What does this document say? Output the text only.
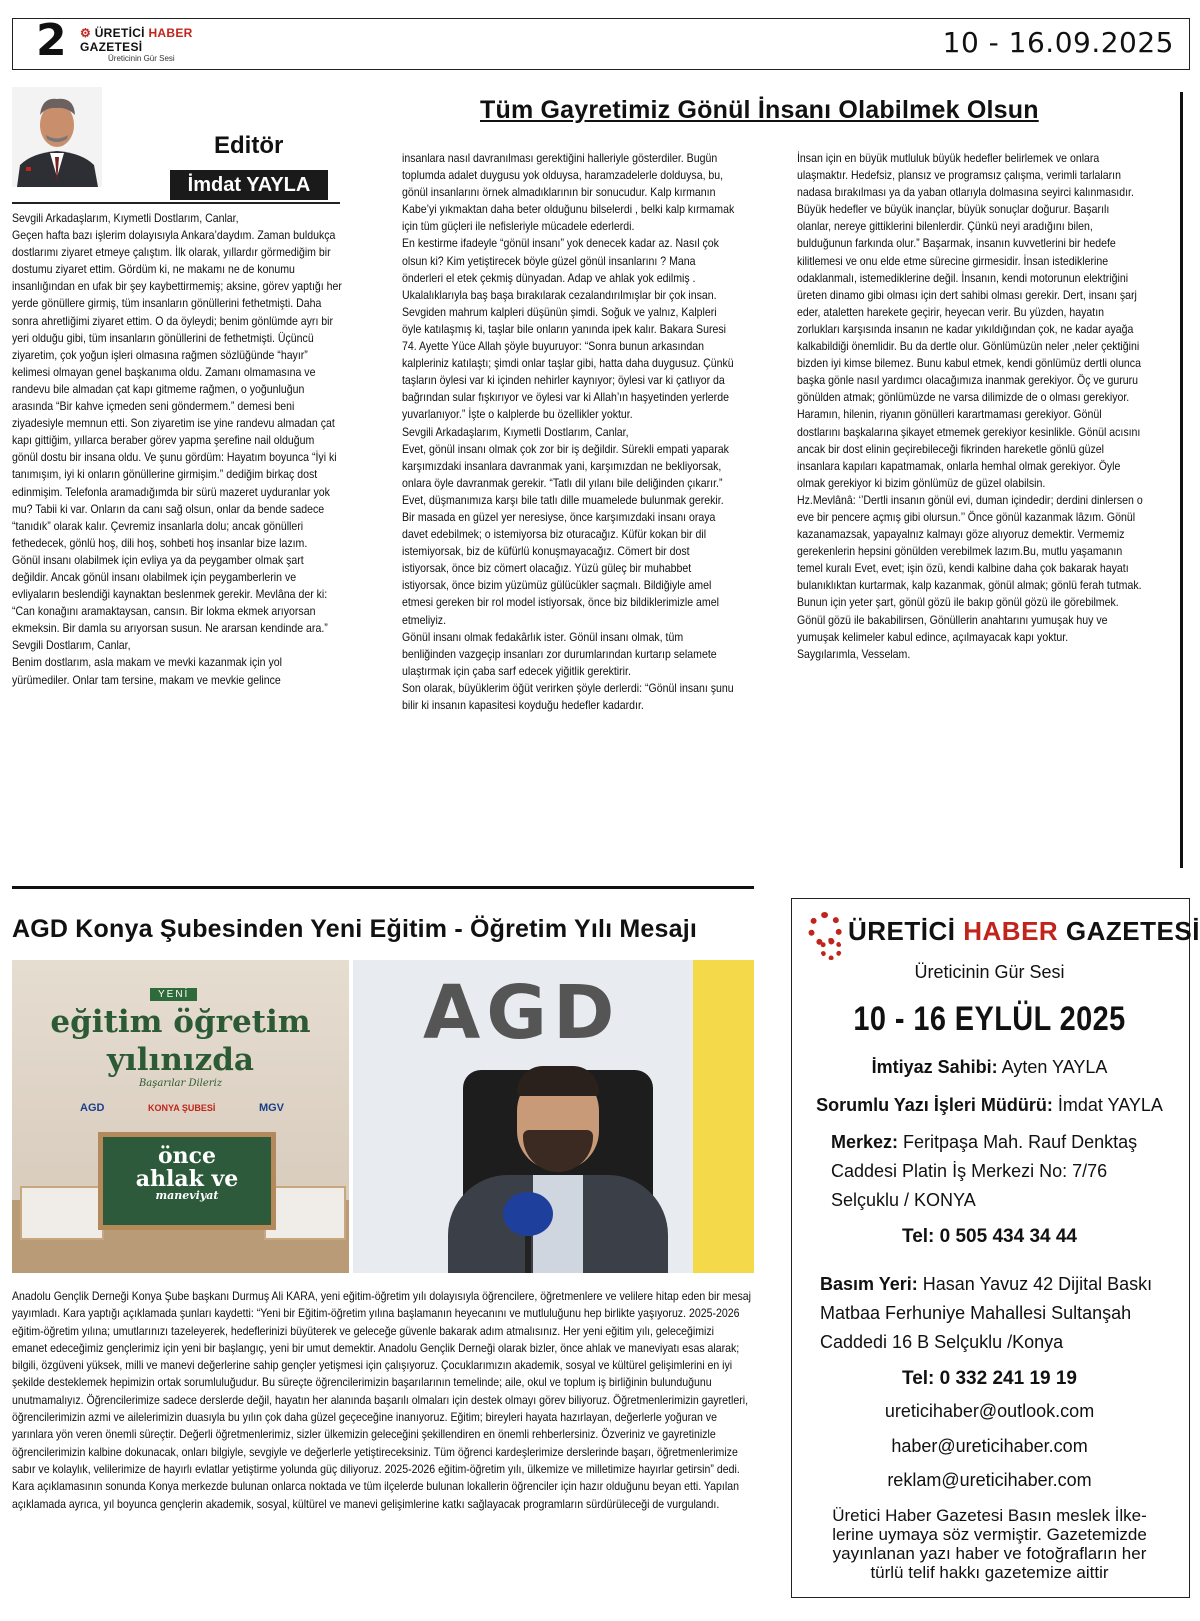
2 ⚙ ÜRETİCİ HABER GAZETESİ
Üreticinin Gür Sesi	10 - 16.09.2025
Editör
İmdat YAYLA
Tüm Gayretimiz Gönül İnsanı Olabilmek Olsun

Sevgili Arkadaşlarım, Kıymetli Dostlarım, Canlar,

Geçen hafta bazı işlerim dolayısıyla Ankara’daydım. Zaman buldukça dostlarımı ziyaret etmeye çalıştım. İlk olarak, yıllardır görmediğim bir dostumu ziyaret ettim. Gördüm ki, ne makamı ne de konumu insanlığından en ufak bir şey kaybettirmemiş; aksine, görev yaptığı her yerde gönüllere girmiş, tüm insanların gönüllerini fethetmişti. Daha sonra ahretliğimi ziyaret ettim. O da öyleydi; benim gönlümde ayrı bir yeri olduğu gibi, tüm insanların gönüllerini de fethetmişti. Üçüncü ziyaretim, çok yoğun işleri olmasına rağmen sözlüğünde “hayır” kelimesi olmayan genel başkanıma oldu. Zamanı olmamasına ve randevu bile almadan çat kapı gitmeme rağmen, o yoğunluğun arasında “Bir kahve içmeden seni göndermem.” demesi beni ziyadesiyle memnun etti. Son ziyaretim ise yine randevu almadan çat kapı gittiğim, yıllarca beraber görev yapma şerefine nail olduğum gönül dostu bir insana oldu. Ve şunu gördüm: Hayatım boyunca “İyi ki tanımışım, iyi ki onların gönüllerine girmişim.” dediğim birkaç dost edinmişim. Telefonla aramadığımda bir sürü mazeret uyduranlar yok mu? Tabii ki var. Onların da canı sağ olsun, onlar da bende sadece “tanıdık” olarak kalır. Çevremiz insanlarla dolu; ancak gönülleri fethedecek, gönlü hoş, dili hoş, sohbeti hoş insanlar bize lazım.

Gönül insanı olabilmek için evliya ya da peygamber olmak şart değildir. Ancak gönül insanı olabilmek için peygamberlerin ve evliyaların beslendiği kaynaktan beslenmek gerekir. Mevlâna der ki: “Can konağını aramaktaysan, cansın. Bir lokma ekmek arıyorsan ekmeksin. Bir damla su arıyorsan susun. Ne ararsan kendinde ara.”

Sevgili Dostlarım, Canlar,

Benim dostlarım, asla makam ve mevki kazanmak için yol yürümediler. Onlar tam tersine, makam ve mevkie gelince

insanlara nasıl davranılması gerektiğini halleriyle gösterdiler. Bugün toplumda adalet duygusu yok olduysa, haramzadelerle dolduysa, bu, gönül insanlarını örnek almadıklarının bir sonucudur. Kalp kırmanın Kabe’yi yıkmaktan daha beter olduğunu bilselerdi , belki kalp kırmamak için tüm güçleri ile nefisleriyle mücadele ederlerdi.

En kestirme ifadeyle “gönül insanı” yok denecek kadar az. Nasıl çok olsun ki? Kim yetiştirecek böyle güzel gönül insanlarını ? Mana önderleri el etek çekmiş dünyadan. Adap ve ahlak yok edilmiş . Ukalalıklarıyla baş başa bırakılarak cezalandırılmışlar bir çok insan. Sevgiden mahrum kalpleri düşünün şimdi. Soğuk ve yalnız, Kalpleri öyle katılaşmış ki, taşlar bile onların yanında ipek kalır. Bakara Suresi 74. Ayette Yüce Allah şöyle buyuruyor: “Sonra bunun arkasından kalpleriniz katılaştı; şimdi onlar taşlar gibi, hatta daha duygusuz. Çünkü taşların öylesi var ki içinden nehirler kaynıyor; öylesi var ki çatlıyor da bağrından sular fışkırıyor ve öylesi var ki Allah’ın haşyetinden yerlerde yuvarlanıyor.” İşte o kalplerde bu özellikler yoktur.

Sevgili Arkadaşlarım, Kıymetli Dostlarım, Canlar,

Evet, gönül insanı olmak çok zor bir iş değildir. Sürekli empati yaparak karşımızdaki insanlara davranmak yani, karşımızdan ne bekliyorsak, onlara öyle davranmak gerekir. “Tatlı dil yılanı bile deliğinden çıkarır.” Evet, düşmanımıza karşı bile tatlı dille muamelede bulunmak gerekir. Bir masada en güzel yer neresiyse, önce karşımızdaki insanı oraya davet edebilmek; o istemiyorsa biz oturacağız. Küfür kokan bir dil istemiyorsak, biz de küfürlü konuşmayacağız. Cömert bir dost istiyorsak, önce biz cömert olacağız. Yüzü güleç bir muhabbet istiyorsak, önce bizim yüzümüz gülücükler saçmalı. Bildiğiyle amel etmesi gereken bir rol model istiyorsak, önce biz bildiklerimizle amel etmeliyiz.

Gönül insanı olmak fedakârlık ister. Gönül insanı olmak, tüm benliğinden vazgeçip insanları zor durumlarından kurtarıp selamete ulaştırmak için çaba sarf edecek yiğitlik gerektirir.

Son olarak, büyüklerim öğüt verirken şöyle derlerdi: “Gönül insanı şunu bilir ki insanın kapasitesi koyduğu hedefler kadardır.

İnsan için en büyük mutluluk büyük hedefler belirlemek ve onlara ulaşmaktır. Hedefsiz, plansız ve programsız çalışma, verimli tarlaların nadasa bırakılması ya da yaban otlarıyla dolmasına seyirci kalınmasıdır. Büyük hedefler ve büyük inançlar, büyük sonuçlar doğurur. Başarılı olanlar, nereye gittiklerini bilenlerdir. Çünkü neyi aradığını bilen, bulduğunun farkında olur.” Başarmak, insanın kuvvetlerini bir hedefe kilitlemesi ve onu elde etme sürecine girmesidir. İnsan istediklerine odaklanmalı, istemediklerine değil. İnsanın, kendi motorunun elektriğini üreten dinamo gibi olması için dert sahibi olması gerekir. Dert, insanı şarj eder, ataletten harekete geçirir, heyecan verir. Bu yüzden, hayatın zorlukları karşısında insanın ne kadar yıkıldığından çok, ne kadar ayağa kalkabildiği önemlidir. Bu da dertle olur. Gönlümüzün neler ,neler çektiğini bizden iyi kimse bilemez. Bunu kabul etmek, kendi gönlümüz dertli olunca başka gönle nasıl yardımcı olacağımıza inanmak gerekiyor. Öç ve gururu gönülden atmak; gönlümüzde ne varsa dilimizde de o olması gerekiyor. Haramın, hilenin, riyanın gönülleri karartmaması gerekiyor. Gönül dostlarını başkalarına şikayet etmemek gerekiyor kesinlikle. Gönül acısını ancak bir dost elinin geçirebileceği fikrinden hareketle gönlü güzel insanlara kapıları kapatmamak, onlarla hemhal olmak gerekiyor. Öyle olmak gerekiyor ki bizim gönlümüz de güzel olabilsin.

Hz.Mevlânâ: ‘’Dertli insanın gönül evi, duman içindedir; derdini dinlersen o eve bir pencere açmış gibi olursun.’’ Önce gönül kazanmak lâzım. Gönül kazanamazsak, yapayalnız kalmayı göze alıyoruz demektir. Vermemiz gerekenlerin hepsini gönülden verebilmek lazım.Bu, mutlu yaşamanın temel kuralı Evet, evet; işin özü, kendi kalbine daha çok bakarak hayatı bulanıklıktan kurtarmak, kalp kazanmak, gönül almak; gönlü ferah tutmak. Bunun için yeter şart, gönül gözü ile bakıp gönül gözü ile görebilmek. Gönül gözü ile bakabilirsen, Gönüllerin anahtarını yumuşak huy ve yumuşak kelimeler kabul edince, açılmayacak kapı yoktur.

Saygılarımla, Vesselam.

AGD Konya Şubesinden Yeni Eğitim - Öğretim Yılı Mesajı
YENİ
eğitim öğretim
yılınızda
Başarılar Dileriz
AGD	KONYA ŞUBESİ	MGV
önce
ahlak ve
maneviyat
AGD
Anadolu Gençlik Derneği Konya Şube başkanı Durmuş Ali KARA, yeni eğitim-öğretim yılı dolayısıyla öğrencilere, öğretmenlere ve velilere hitap eden bir mesaj yayımladı. Kara yaptığı açıklamada şunları kaydetti: “Yeni bir Eğitim-öğretim yılına başlamanın heyecanını ve mutluluğunu hep birlikte yaşıyoruz. 2025-2026 eğitim-öğretim yılına; umutlarınızı tazeleyerek, hedeflerinizi büyüterek ve geleceğe güvenle bakarak adım atmalısınız. Her yeni eğitim yılı, geleceğimizi emanet edeceğimiz gençlerimiz için yeni bir başlangıç, yeni bir umut demektir. Anadolu Gençlik Derneği olarak bizler, önce ahlak ve maneviyatı esas alarak; bilgili, özgüveni yüksek, milli ve manevi değerlerine sahip gençler yetişmesi için çalışıyoruz. Çocuklarımızın akademik, sosyal ve kültürel gelişimlerini en iyi şekilde desteklemek hepimizin ortak sorumluluğudur. Bu süreçte öğrencilerimizin başarılarının temelinde; aile, okul ve toplum iş birliğinin bulunduğunu unutmamalıyız. Öğrencilerimize sadece derslerde değil, hayatın her alanında başarılı olmaları için destek olmayı görev biliyoruz. Öğretmenlerimizin gayretleri, öğrencilerimizin azmi ve ailelerimizin duasıyla bu yılın çok daha güzel geçeceğine inanıyoruz. Eğitim; bireyleri hayata hazırlayan, değerlerle yoğuran ve yarınlara yön veren önemli süreçtir. Değerli öğretmenlerimiz, sizler ülkemizin geleceğini şekillendiren en önemli rehberlersiniz. Özveriniz ve gayretinizle öğrencilerimizin kalbine dokunacak, onları bilgiyle, sevgiyle ve değerlerle yetiştireceksiniz. Tüm öğrenci kardeşlerimize derslerinde başarı, öğretmenlerimize sabır ve kolaylık, velilerimize de hayırlı evlatlar yetiştirme yolunda güç diliyoruz. 2025-2026 eğitim-öğretim yılı, ülkemize ve milletimize hayırlar getirsin” dedi. Kara açıklamasının sonunda Konya merkezde bulunan onlarca noktada ve tüm ilçelerde bulunan lokallerin öğrenciler için hazır olduğunu beyan etti. Yapılan açıklamada ayrıca, yıl boyunca gençlerin akademik, sosyal, kültürel ve manevi gelişimlerine katkı sağlayacak programların sürdürüleceği de vurgulandı.
ÜRETİCİ HABER GAZETESİ
Üreticinin Gür Sesi
10 - 16 EYLÜL 2025
İmtiyaz Sahibi: Ayten YAYLA
Sorumlu Yazı İşleri Müdürü: İmdat YAYLA
Merkez: Feritpaşa Mah. Rauf Denktaş
Caddesi Platin İş Merkezi No: 7/76
Selçuklu / KONYA
Tel: 0 505 434 34 44
Basım Yeri: Hasan Yavuz 42 Dijital Baskı
Matbaa Ferhuniye Mahallesi Sultanşah
Caddedi 16 B Selçuklu /Konya
Tel: 0 332 241 19 19
ureticihaber@outlook.com
haber@ureticihaber.com
reklam@ureticihaber.com
Üretici Haber Gazetesi Basın meslek İlkelerine uymaya söz vermiştir. Gazetemizde yayınlanan yazı haber ve fotoğrafların her türlü telif hakkı gazetemize aittir
